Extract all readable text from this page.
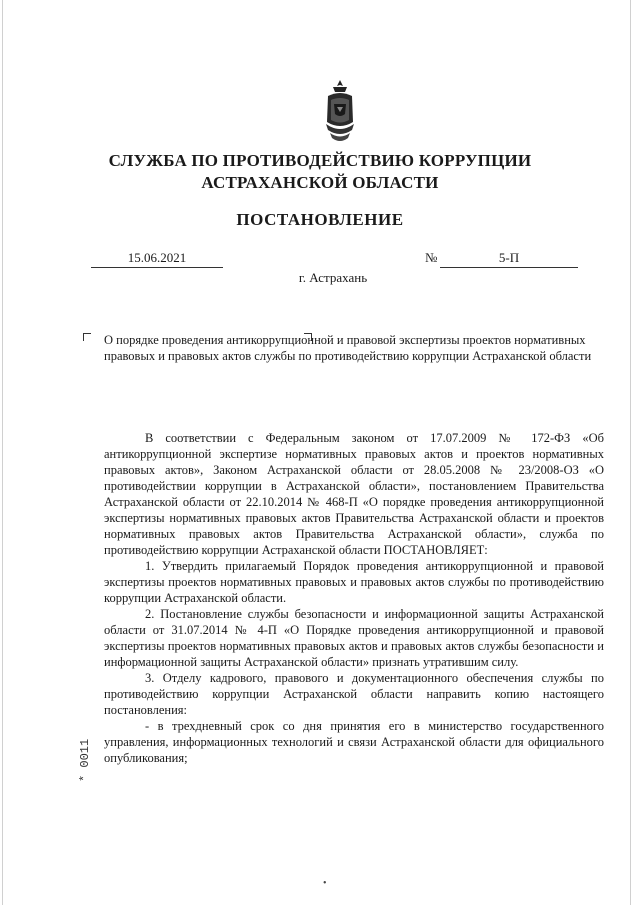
СЛУЖБА ПО ПРОТИВОДЕЙСТВИЮ КОРРУПЦИИ
АСТРАХАНСКОЙ ОБЛАСТИ
ПОСТАНОВЛЕНИЕ
15.06.2021	№	5-П
г. Астрахань
О порядке проведения антикоррупционной и правовой экспертизы проектов нормативных правовых и правовых актов службы по противодействию коррупции Астраханской области

В соответствии с Федеральным законом от 17.07.2009 № 172-ФЗ «Об антикоррупционной экспертизе нормативных правовых актов и проектов нормативных правовых актов», Законом Астраханской области от 28.05.2008 № 23/2008-ОЗ «О противодействии коррупции в Астраханской области», постановлением Правительства Астраханской области от 22.10.2014 № 468-П «О порядке проведения антикоррупционной экспертизы нормативных правовых актов Правительства Астраханской области и проектов нормативных правовых актов Правительства Астраханской области», служба по противодействию коррупции Астраханской области ПОСТАНОВЛЯЕТ:

1. Утвердить прилагаемый Порядок проведения антикоррупционной и правовой экспертизы проектов нормативных правовых и правовых актов службы по противодействию коррупции Астраханской области.

2. Постановление службы безопасности и информационной защиты Астраханской области от 31.07.2014 № 4-П «О Порядке проведения антикоррупционной и правовой экспертизы проектов нормативных правовых актов и правовых актов службы безопасности и информационной защиты Астраханской области» признать утратившим силу.

3. Отделу кадрового, правового и документационного обеспечения службы по противодействию коррупции Астраханской области направить копию настоящего постановления:

- в трехдневный срок со дня принятия его в министерство государственного управления, информационных технологий и связи Астраханской области для официального опубликования;

* 0011
•
